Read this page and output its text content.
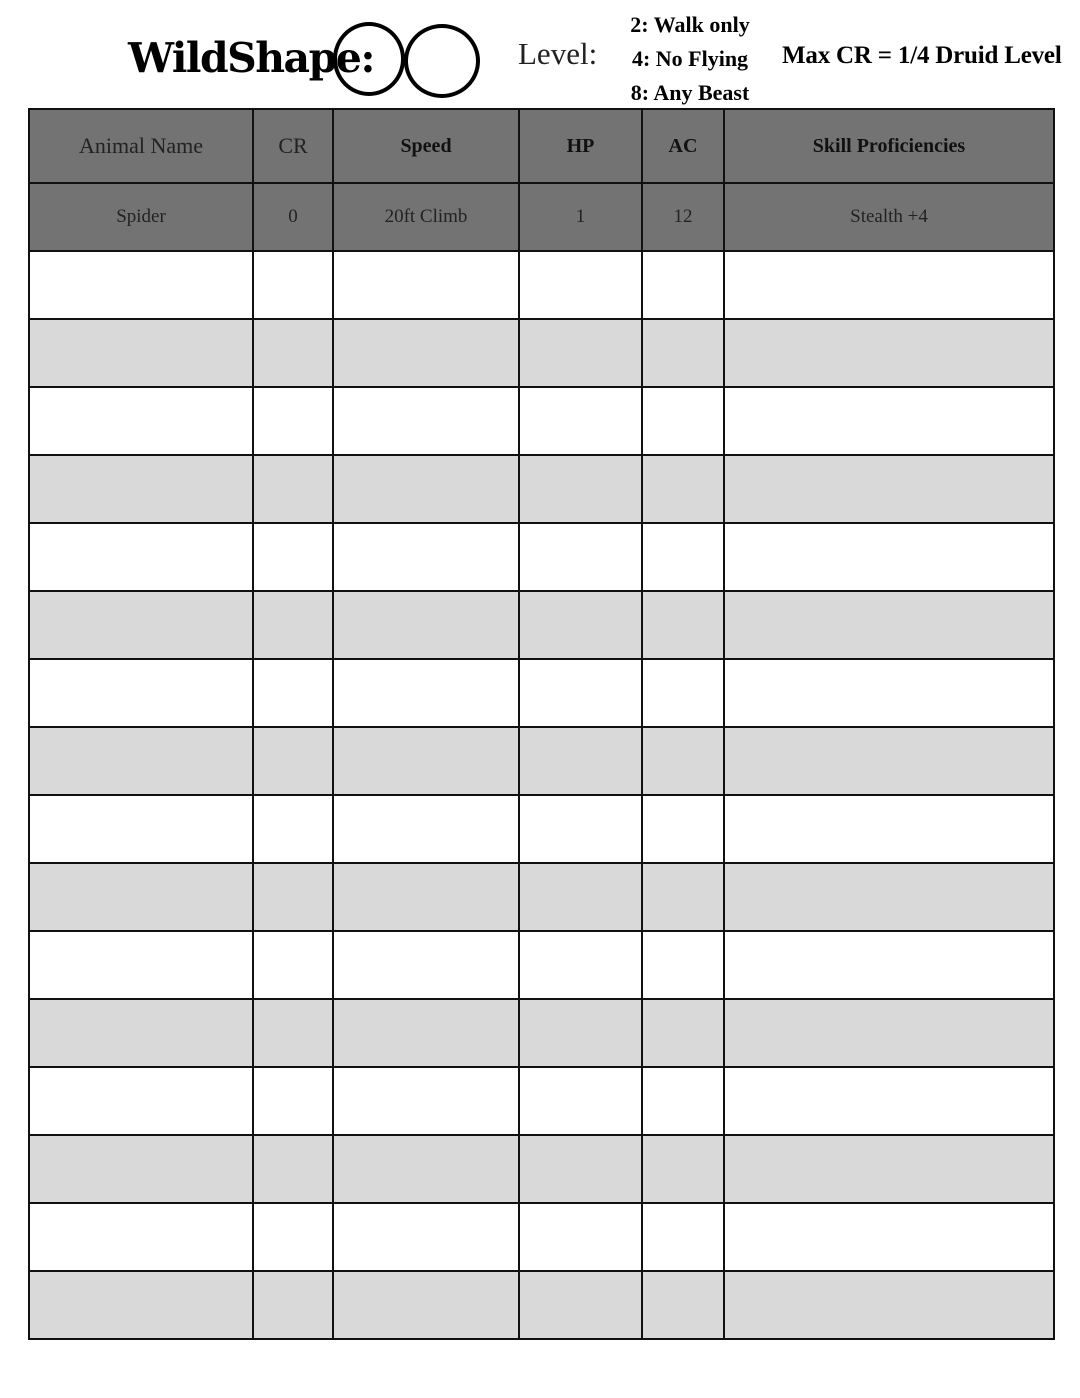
WildShape:	Level:
2: Walk only
4: No Flying
8: Any Beast
Max CR = 1/4 Druid Level
Animal Name	CR	Speed	HP	AC	Skill Proficiencies
Spider	0	20ft Climb	1	12	Stealth +4
